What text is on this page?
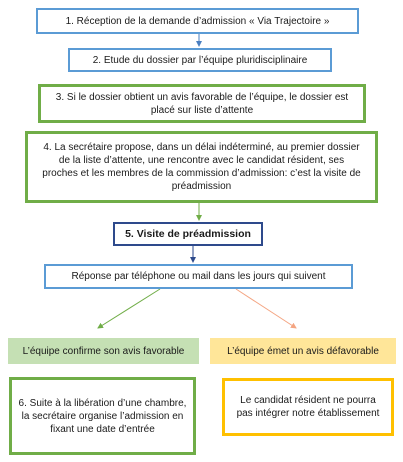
1. Réception de la demande d’admission « Via Trajectoire »
2. Etude du dossier par l’équipe pluridisciplinaire
3. Si le dossier obtient un avis favorable de l’équipe, le dossier est placé sur liste d’attente
4. La secrétaire propose, dans un délai indéterminé, au premier dossier de la liste d’attente, une rencontre avec le candidat résident, ses proches et les membres de la commission d’admission: c’est la visite de préadmission
5. Visite de préadmission
Réponse par téléphone ou mail dans les jours qui suivent
L’équipe confirme son avis favorable	L’équipe émet un avis défavorable
6. Suite à la libération d’une chambre, la secrétaire organise l’admission en fixant une date d’entrée
Le candidat résident ne pourra pas intégrer notre établissement
